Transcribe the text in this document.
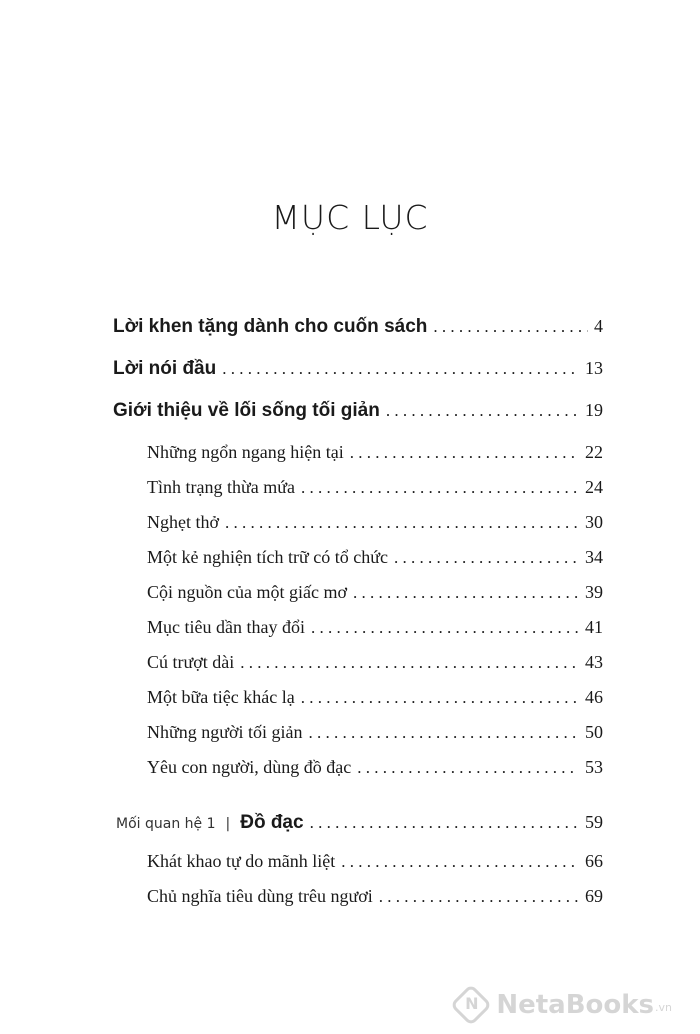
MỤC LỤC
Lời khen tặng dành cho cuốn sách . . .	4
Lời nói đầu . . .	13
Giới thiệu về lối sống tối giản . . .	19
Những ngổn ngang hiện tại . . .	22
Tình trạng thừa mứa . . .	24
Nghẹt thở . . .	30
Một kẻ nghiện tích trữ có tổ chức . . .	34
Cội nguồn của một giấc mơ . . .	39
Mục tiêu dần thay đổi . . .	41
Cú trượt dài . . .	43
Một bữa tiệc khác lạ . . .	46
Những người tối giản . . .	50
Yêu con người, dùng đồ đạc . . .	53
Mối quan hệ 1 | Đồ đạc . . .	59
Khát khao tự do mãnh liệt . . .	66
Chủ nghĩa tiêu dùng trêu ngươi . . .	69
N
NetaBooks .vn
